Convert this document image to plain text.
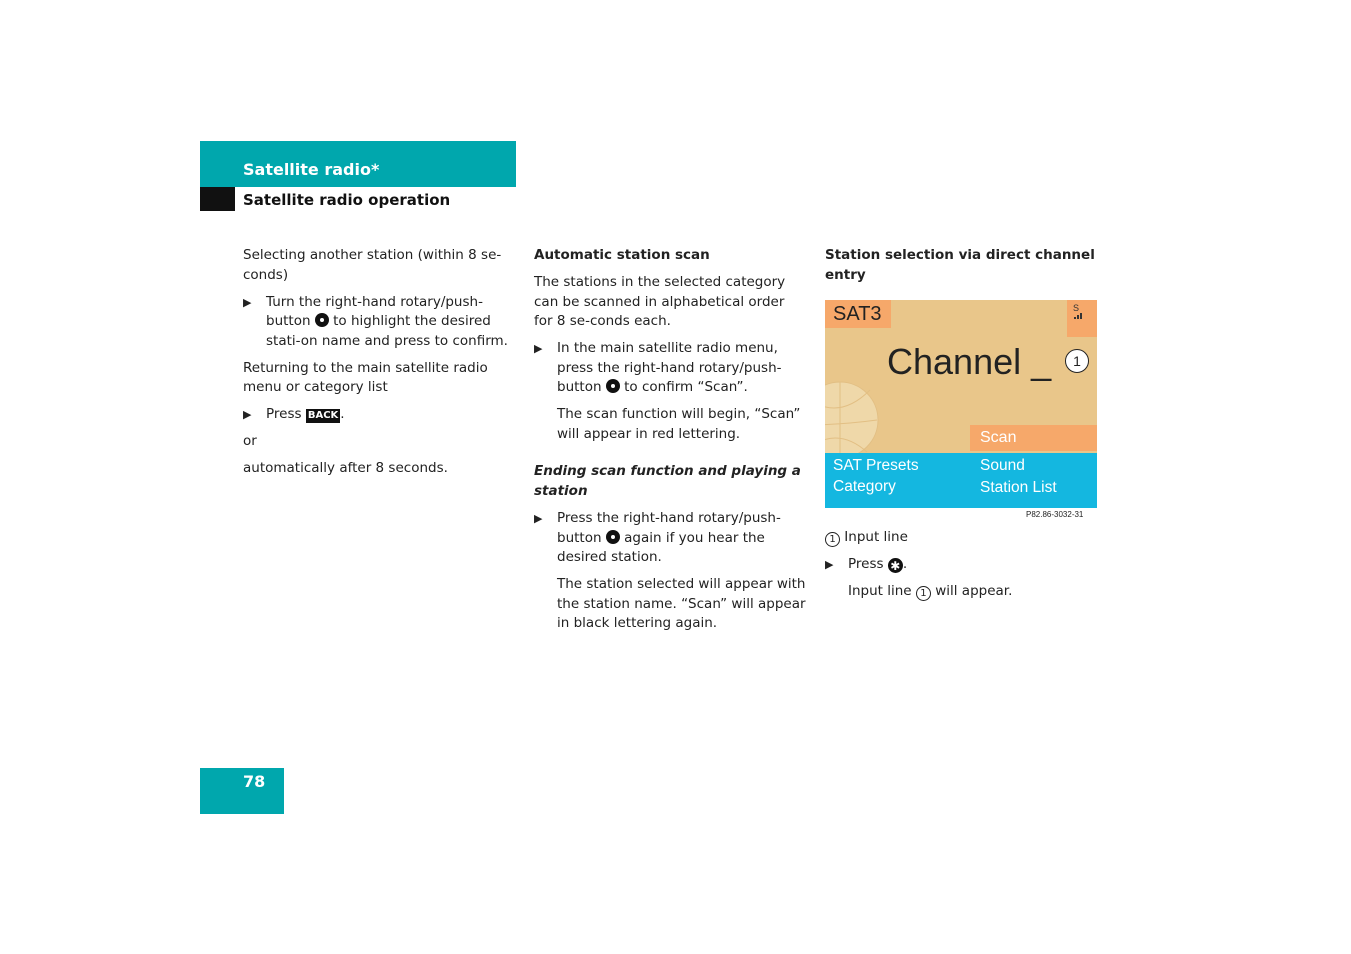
Satellite radio*
Satellite radio operation

Selecting another station (within 8 se-conds)

▶ Turn the right-hand rotary/push-button to highlight the desired stati-on name and press to confirm.

Returning to the main satellite radio menu or category list

▶ Press BACK .

or

automatically after 8 seconds.

Automatic station scan

The stations in the selected category can be scanned in alphabetical order for 8 se-conds each.

▶ In the main satellite radio menu, press the right-hand rotary/push-button to confirm “Scan”.

The scan function will begin, “Scan” will appear in red lettering.

Ending scan function and playing a station

▶ Press the right-hand rotary/push-button again if you hear the desired station.

The station selected will appear with the station name. “Scan” will appear in black lettering again.

Station selection via direct channel entry

SAT3	S
Channel _	1
Scan
SAT Presets
Category
Sound
Station List
P82.86-3032-31

1 Input line

▶ Press ✱ .

Input line 1 will appear.

78
